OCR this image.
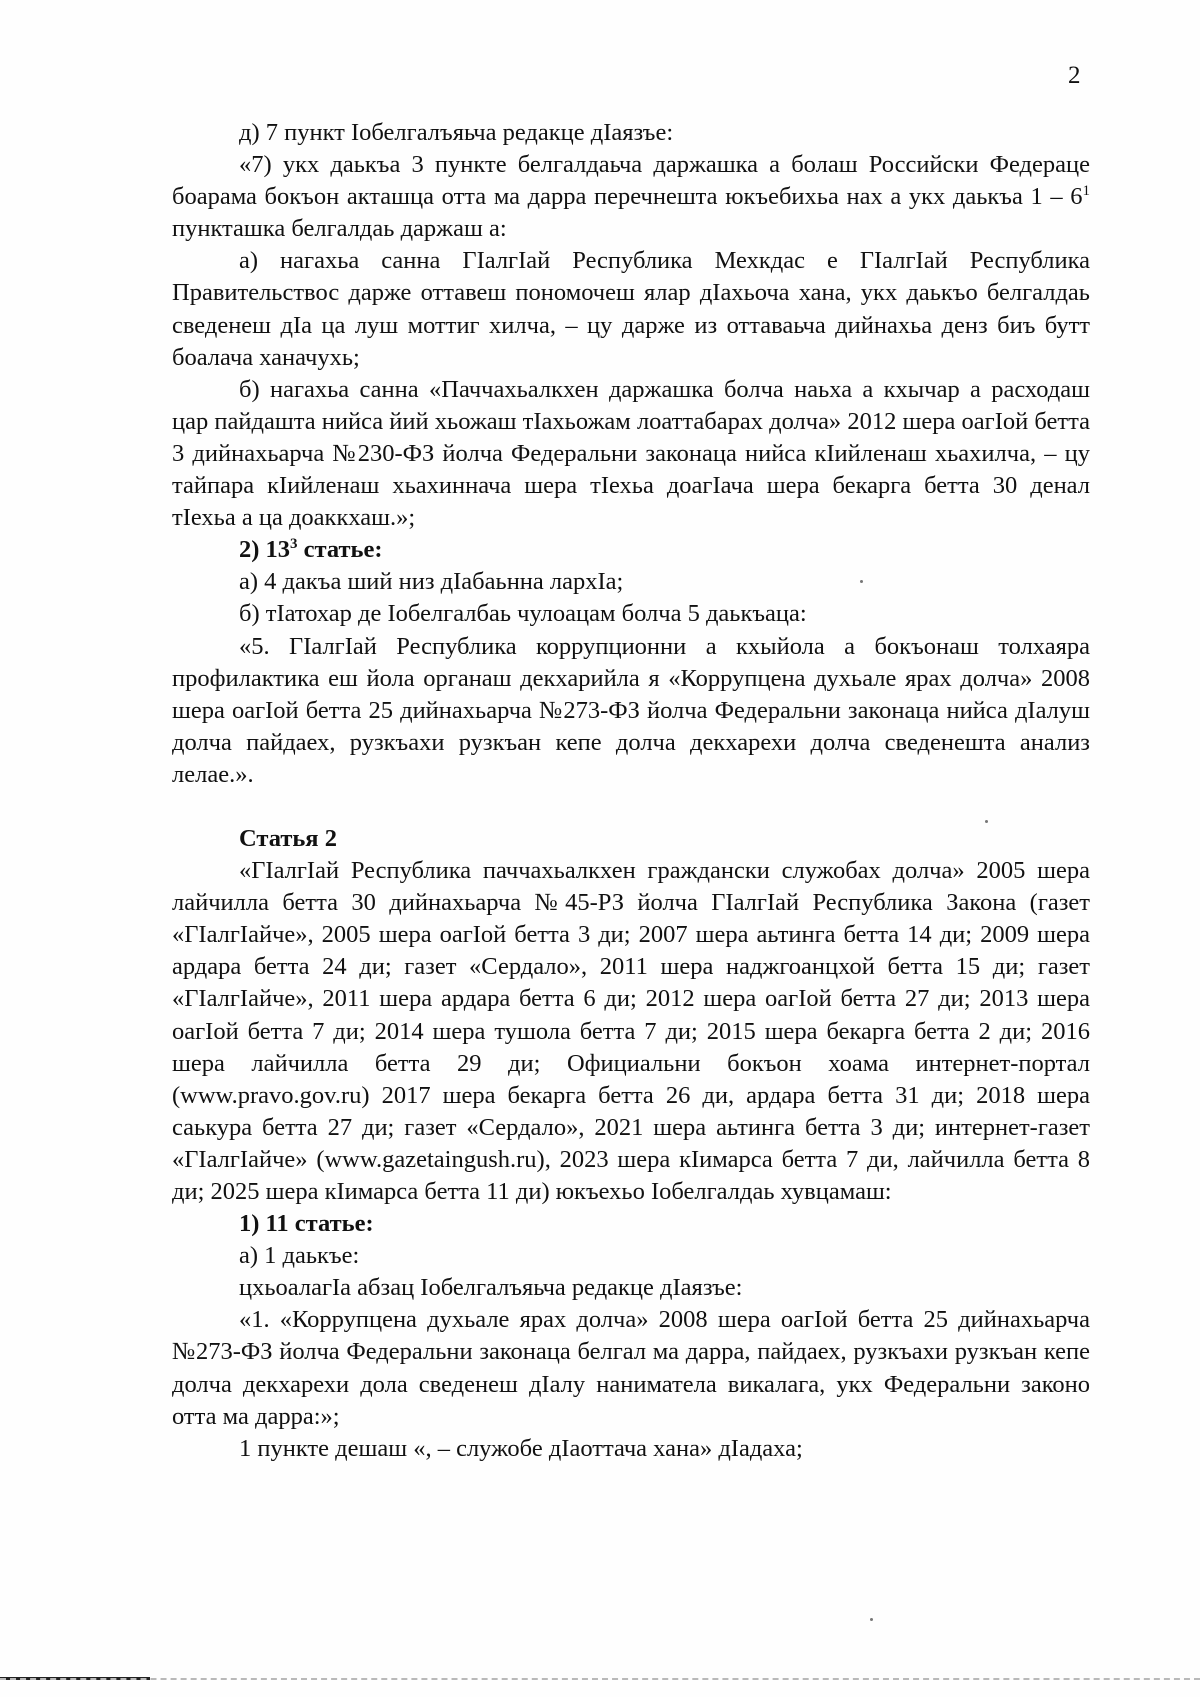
2

д) 7 пункт Іобелгалъяьча редакце дІаязъе:

«7) укх даькъа 3 пункте белгалдаьча даржашка а болаш Российски Федераце боарама бокъон акташца отта ма дарра перечнешта юкъебихьа нах а укх даькъа $1 - 6^1$ пункташка белгалдаь даржаш а:

а) нагахьа санна ГІалгІай Республика Мехкдас е ГІалгІай Республика Правительствос дарже оттавеш пономочеш ялар дІахьоча хана, укх даькъо белгалдаь сведенеш дІа ца луш моттиг хилча, – цу дарже из оттаваьча дийнахьа денз биъ бутт боалача ханачухь;

б) нагахьа санна «Паччахьалкхен даржашка болча наьха а кхычар а расходаш цар пайдашта нийса йий хьожаш тІахьожам лоаттабарах долча» 2012 шера оагІой бетта 3 дийнахьарча №230-ФЗ йолча Федеральни законаца нийса кІийленаш хьахилча, – цу тайпара кІийленаш хьахиннача шера тІехьа доагІача шера бекарга бетта 30 денал тІехьа а ца доаккхаш.»;

2) $13^3$ статье:

а) 4 дакъа ший низ дІабаьнна лархІа;

б) тІатохар де Іобелгалбаь чулоацам болча 5 даькъаца:

«5. ГІалгІай Республика коррупционни а кхыйола а бокъонаш толхаяра профилактика еш йола органаш декхарийла я «Коррупцена духьале ярах долча» 2008 шера оагІой бетта 25 дийнахьарча №273-ФЗ йолча Федеральни законаца нийса дІалуш долча пайдаех, рузкъахи рузкъан кепе долча декхарехи долча сведенешта анализ лелае.».

Статья 2

«ГІалгІай Республика паччахьалкхен граждански служобах долча» 2005 шера лайчилла бетта 30 дийнахьарча №45-РЗ йолча ГІалгІай Республика Закона (газет «ГІалгІайче», 2005 шера оагІой бетта 3 ди; 2007 шера аьтинга бетта 14 ди; 2009 шера ардара бетта 24 ди; газет «Сердало», 2011 шера наджгоанцхой бетта 15 ди; газет «ГІалгІайче», 2011 шера ардара бетта 6 ди; 2012 шера оагІой бетта 27 ди; 2013 шера оагІой бетта 7 ди; 2014 шера тушола бетта 7 ди; 2015 шера бекарга бетта 2 ди; 2016 шера лайчилла бетта 29 ди; Официальни бокъон хоама интернет-портал (www.pravo.gov.ru) 2017 шера бекарга бетта 26 ди, ардара бетта 31 ди; 2018 шера саькура бетта 27 ди; газет «Сердало», 2021 шера аьтинга бетта 3 ди; интернет-газет «ГІалгІайче» (www.gazetaingush.ru), 2023 шера кІимарса бетта 7 ди, лайчилла бетта 8 ди; 2025 шера кІимарса бетта 11 ди) юкъехьо Іобелгалдаь хувцамаш:

1) 11 статье:

а) 1 даькъе:

цхьоалагІа абзац Іобелгалъяьча редакце дІаязъе:

«1. «Коррупцена духьале ярах долча» 2008 шера оагІой бетта 25 дийнахьарча №273-ФЗ йолча Федеральни законаца белгал ма дарра, пайдаех, рузкъахи рузкъан кепе долча декхарехи дола сведенеш дІалу наниматела викалага, укх Федеральни законо отта ма дарра:»;

1 пункте дешаш «, – служобе дІаоттача хана» дІадаха;
